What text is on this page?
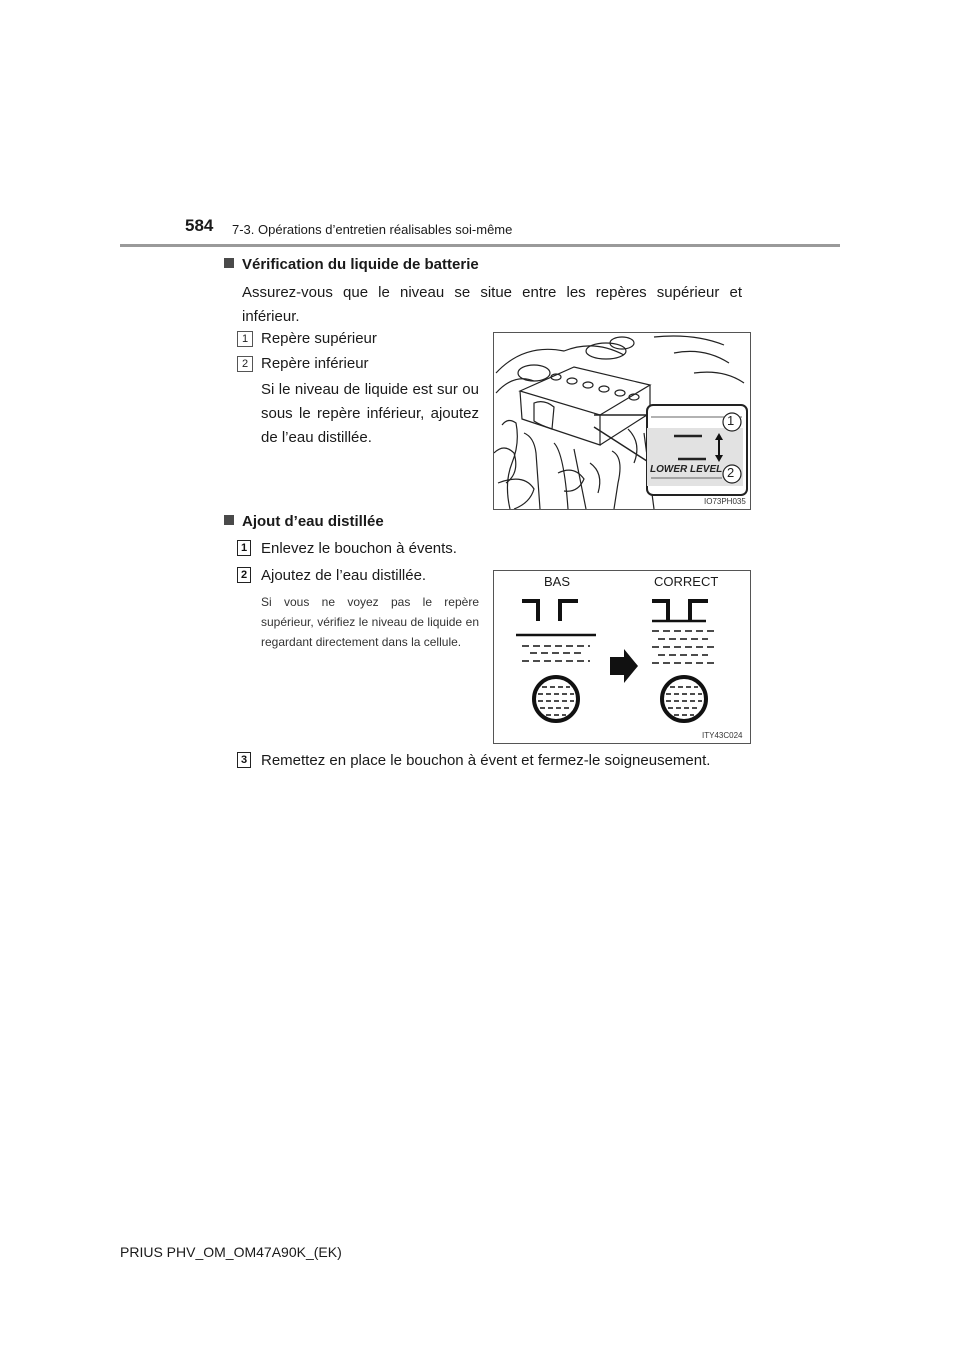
584 7-3. Opérations d’entretien réalisables soi-même
Vérification du liquide de batterie
Assurez-vous que le niveau se situe entre les repères supérieur et inférieur.
1 Repère supérieur
2 Repère inférieur
Si le niveau de liquide est sur ou sous le repère inférieur, ajoutez de l’eau distillée.
LOWER LEVEL
1
2
IO73PH035
Ajout d’eau distillée
1 Enlevez le bouchon à évents.
2 Ajoutez de l’eau distillée.
Si vous ne voyez pas le repère supérieur, vérifiez le niveau de liquide en regardant directement dans la cellule.
BAS	CORRECT
ITY43C024
3 Remettez en place le bouchon à évent et fermez-le soigneusement.
PRIUS PHV_OM_OM47A90K_(EK)
